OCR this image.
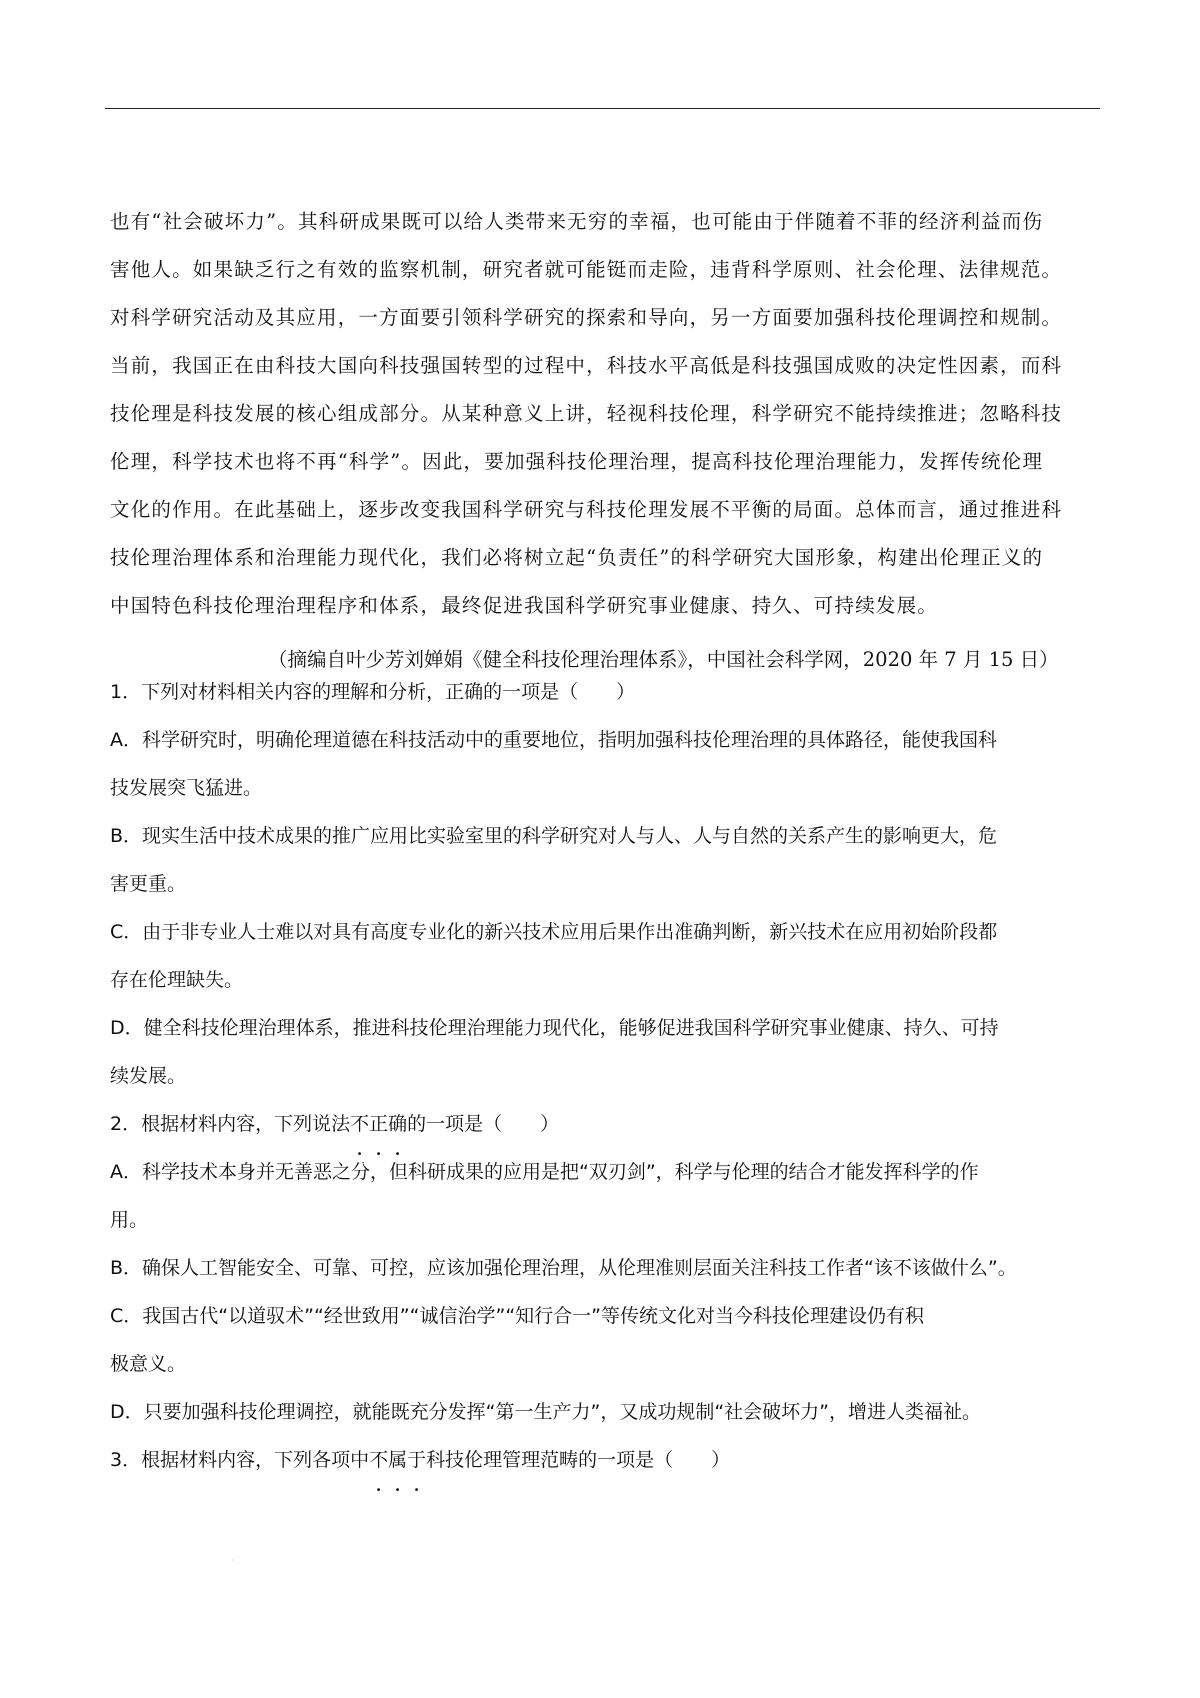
也有“社会破坏力”。其科研成果既可以给人类带来无穷的幸福，也可能由于伴随着不菲的经济利益而伤
害他人。如果缺乏行之有效的监察机制，研究者就可能铤而走险，违背科学原则、社会伦理、法律规范。
对科学研究活动及其应用，一方面要引领科学研究的探索和导向，另一方面要加强科技伦理调控和规制。
当前，我国正在由科技大国向科技强国转型的过程中，科技水平高低是科技强国成败的决定性因素，而科
技伦理是科技发展的核心组成部分。从某种意义上讲，轻视科技伦理，科学研究不能持续推进；忽略科技
伦理，科学技术也将不再“科学”。因此，要加强科技伦理治理，提高科技伦理治理能力，发挥传统伦理
文化的作用。在此基础上，逐步改变我国科学研究与科技伦理发展不平衡的局面。总体而言，通过推进科
技伦理治理体系和治理能力现代化，我们必将树立起“负责任”的科学研究大国形象，构建出伦理正义的
中国特色科技伦理治理程序和体系，最终促进我国科学研究事业健康、持久、可持续发展。
（摘编自叶少芳刘婵娟《健全科技伦理治理体系》，中国社会科学网，2020 年 7 月 15 日）
1．下列对材料相关内容的理解和分析，正确的一项是（　　）
A．科学研究时，明确伦理道德在科技活动中的重要地位，指明加强科技伦理治理的具体路径，能使我国科
技发展突飞猛进。
B．现实生活中技术成果的推广应用比实验室里的科学研究对人与人、人与自然的关系产生的影响更大，危
害更重。
C．由于非专业人士难以对具有高度专业化的新兴技术应用后果作出准确判断，新兴技术在应用初始阶段都
存在伦理缺失。
D．健全科技伦理治理体系，推进科技伦理治理能力现代化，能够促进我国科学研究事业健康、持久、可持
续发展。
2．根据材料内容，下列说法不正确的一项是（　　）
A．科学技术本身并无善恶之分，但科研成果的应用是把“双刃剑”，科学与伦理的结合才能发挥科学的作
用。
B．确保人工智能安全、可靠、可控，应该加强伦理治理，从伦理准则层面关注科技工作者“该不该做什么”。
C．我国古代“以道驭术”“经世致用”“诚信治学”“知行合一”等传统文化对当今科技伦理建设仍有积
极意义。
D．只要加强科技伦理调控，就能既充分发挥“第一生产力”，又成功规制“社会破坏力”，增进人类福祉。
3．根据材料内容，下列各项中不属于科技伦理管理范畴的一项是（　　）
·
